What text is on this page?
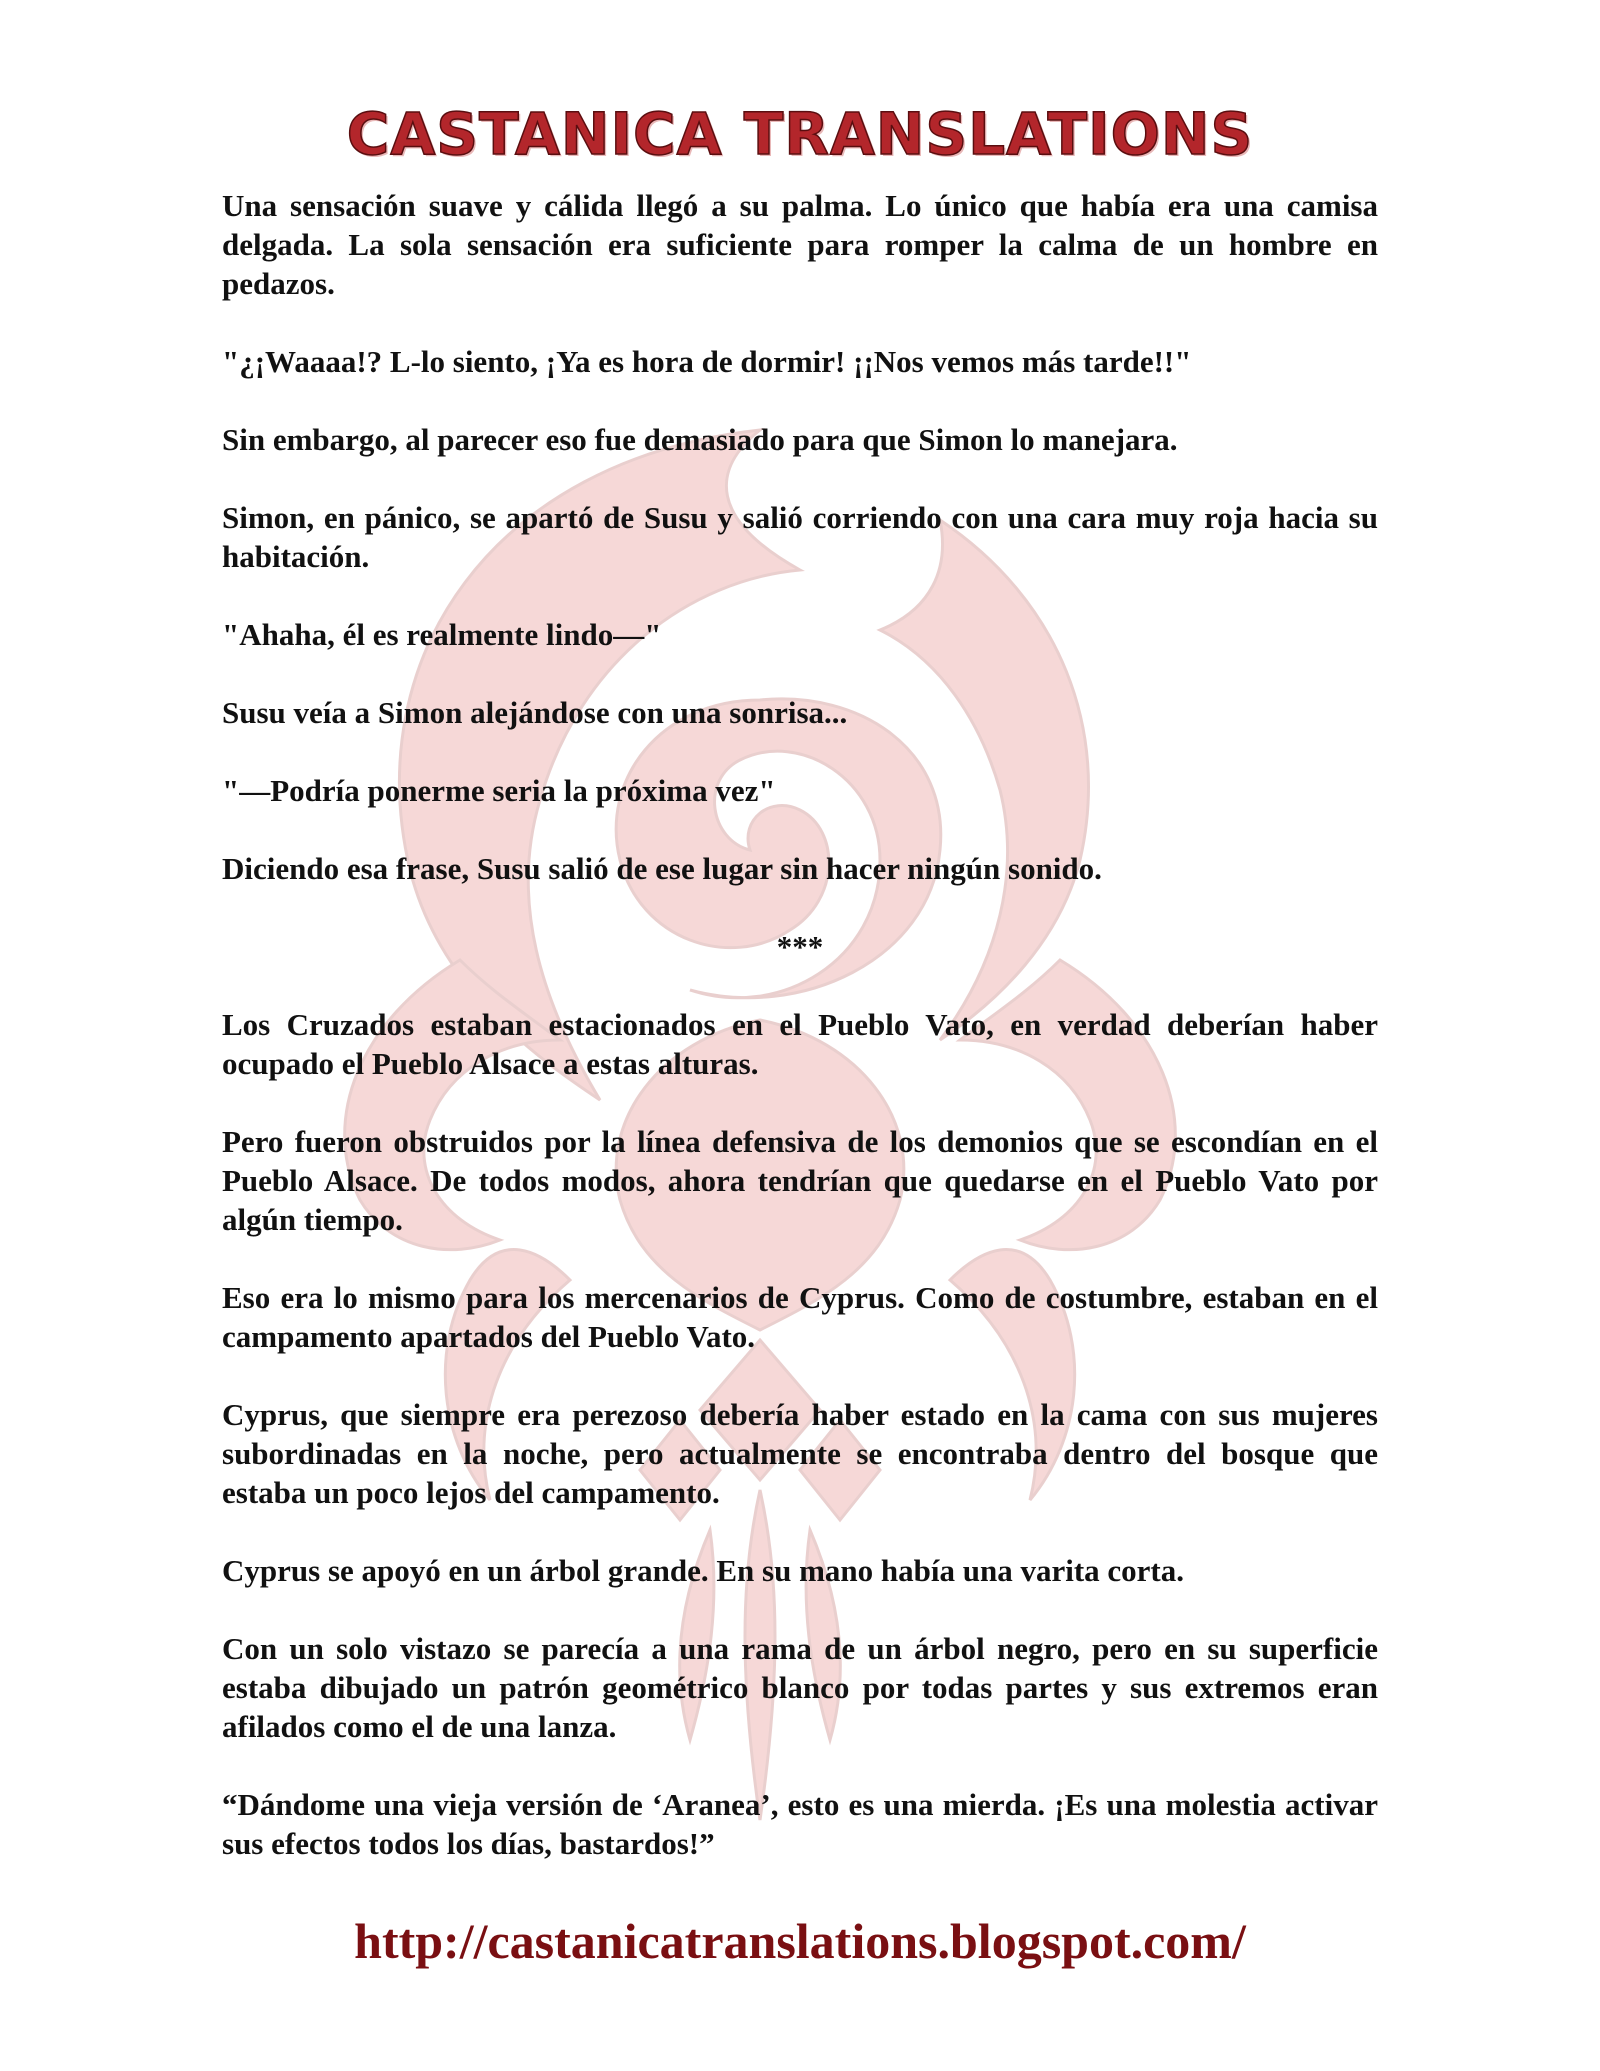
CASTANICA TRANSLATIONS

Una sensación suave y cálida llegó a su palma. Lo único que había era una camisa delgada. La sola sensación era suficiente para romper la calma de un hombre en pedazos.

"¿¡Waaaa!? L-lo siento, ¡Ya es hora de dormir! ¡¡Nos vemos más tarde!!"

Sin embargo, al parecer eso fue demasiado para que Simon lo manejara.

Simon, en pánico, se apartó de Susu y salió corriendo con una cara muy roja hacia su habitación.

"Ahaha, él es realmente lindo—"

Susu veía a Simon alejándose con una sonrisa...

"—Podría ponerme seria la próxima vez"

Diciendo esa frase, Susu salió de ese lugar sin hacer ningún sonido.

***

Los Cruzados estaban estacionados en el Pueblo Vato, en verdad deberían haber ocupado el Pueblo Alsace a estas alturas.

Pero fueron obstruidos por la línea defensiva de los demonios que se escondían en el Pueblo Alsace. De todos modos, ahora tendrían que quedarse en el Pueblo Vato por algún tiempo.

Eso era lo mismo para los mercenarios de Cyprus. Como de costumbre, estaban en el campamento apartados del Pueblo Vato.

Cyprus, que siempre era perezoso debería haber estado en la cama con sus mujeres subordinadas en la noche, pero actualmente se encontraba dentro del bosque que estaba un poco lejos del campamento.

Cyprus se apoyó en un árbol grande. En su mano había una varita corta.

Con un solo vistazo se parecía a una rama de un árbol negro, pero en su superficie estaba dibujado un patrón geométrico blanco por todas partes y sus extremos eran afilados como el de una lanza.

“Dándome una vieja versión de ‘Aranea’, esto es una mierda. ¡Es una molestia activar sus efectos todos los días, bastardos!”

http://castanicatranslations.blogspot.com/
